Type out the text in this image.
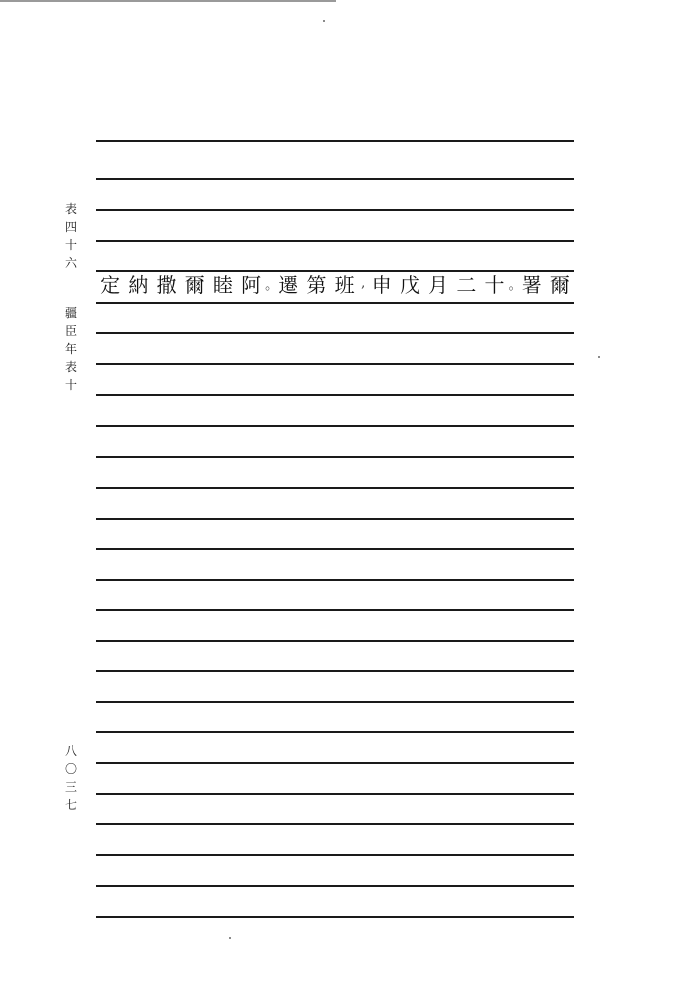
表
四
十
六
疆
臣
年
表
十
八
〇
三
七
爾
署
。
十
二
月
戊
申
,
班
第
遷
。
阿
睦
爾
撒
納
定
